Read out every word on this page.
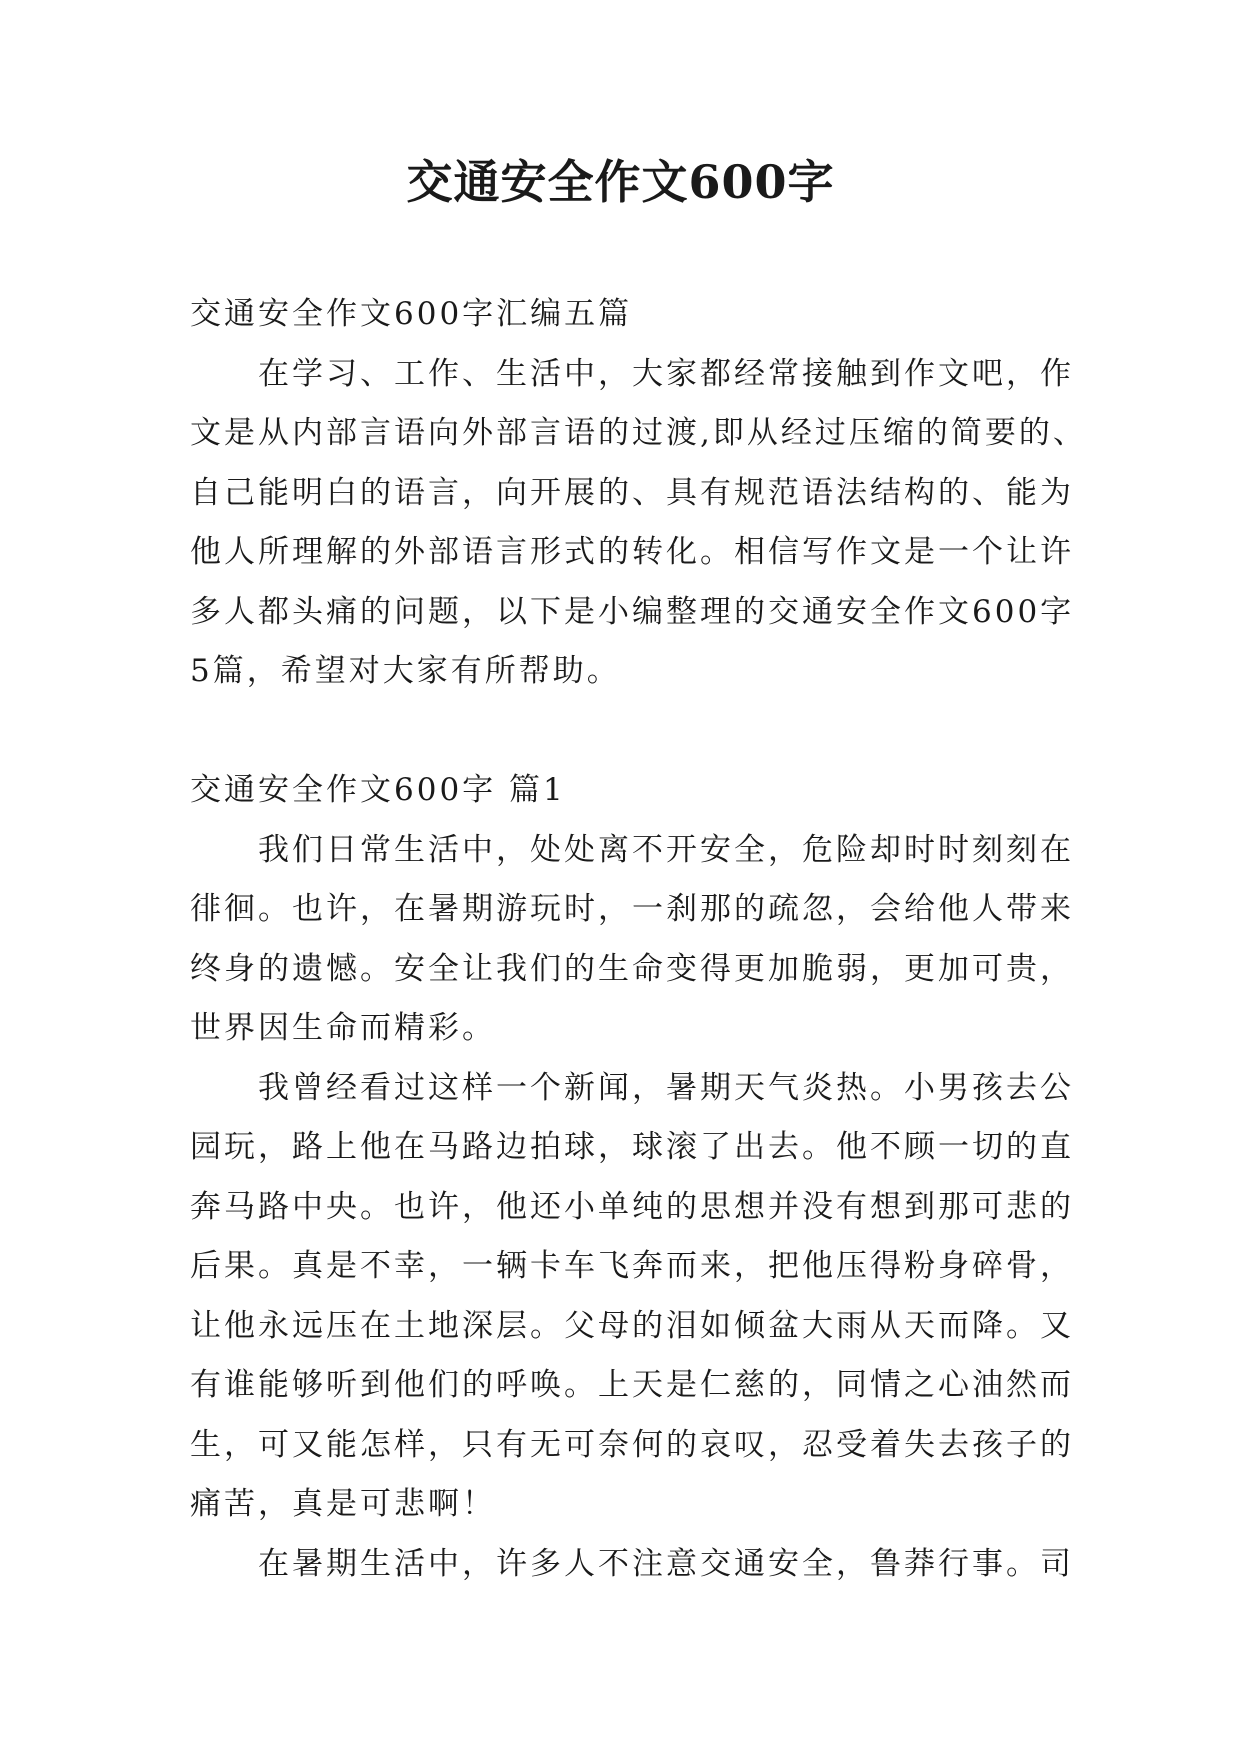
交通安全作文600字

交通安全作文600字汇编五篇

在学习、工作、生活中，大家都经常接触到作文吧，作

文是从内部言语向外部言语的过渡,即从经过压缩的简要的、

自己能明白的语言，向开展的、具有规范语法结构的、能为

他人所理解的外部语言形式的转化。相信写作文是一个让许

多人都头痛的问题，以下是小编整理的交通安全作文600字

5篇，希望对大家有所帮助。

交通安全作文600字 篇1

我们日常生活中，处处离不开安全，危险却时时刻刻在

徘徊。也许，在暑期游玩时，一刹那的疏忽，会给他人带来

终身的遗憾。安全让我们的生命变得更加脆弱，更加可贵，

世界因生命而精彩。

我曾经看过这样一个新闻，暑期天气炎热。小男孩去公

园玩，路上他在马路边拍球，球滚了出去。他不顾一切的直

奔马路中央。也许，他还小单纯的思想并没有想到那可悲的

后果。真是不幸，一辆卡车飞奔而来，把他压得粉身碎骨，

让他永远压在土地深层。父母的泪如倾盆大雨从天而降。又

有谁能够听到他们的呼唤。上天是仁慈的，同情之心油然而

生，可又能怎样，只有无可奈何的哀叹，忍受着失去孩子的

痛苦，真是可悲啊！

在暑期生活中，许多人不注意交通安全，鲁莽行事。司
